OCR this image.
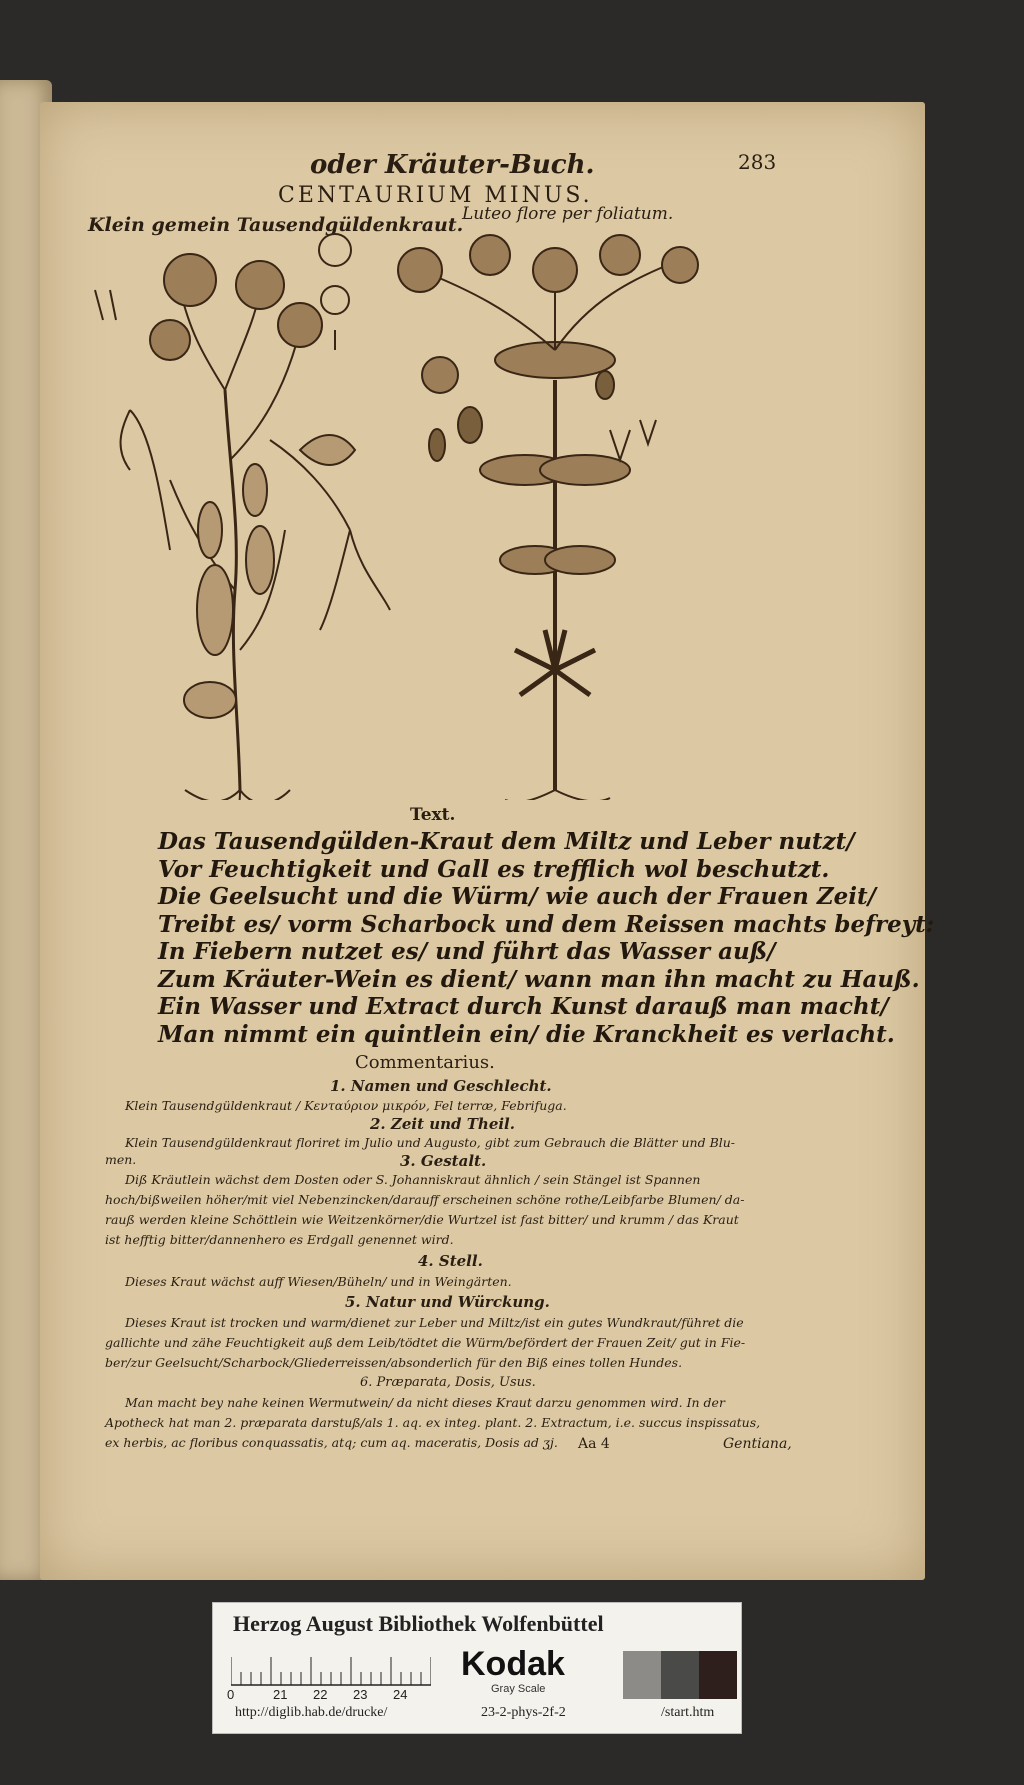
oder Kräuter-Buch.	283
CENTAURIUM MINUS.
Klein gemein Tausendgüldenkraut.
Luteo flore per foliatum.
Text.
Das Tausendgülden-Kraut dem Miltz und Leber nutzt/
Vor Feuchtigkeit und Gall es trefflich wol beschutzt.
Die Geelsucht und die Würm/ wie auch der Frauen Zeit/
Treibt es/ vorm Scharbock und dem Reissen machts befreyt:
In Fiebern nutzet es/ und führt das Wasser auß/
Zum Kräuter-Wein es dient/ wann man ihn macht zu Hauß.
Ein Wasser und Extract durch Kunst darauß man macht/
Man nimmt ein quintlein ein/ die Kranckheit es verlacht.
Commentarius.
1. Namen und Geschlecht.
Klein Tausendgüldenkraut / Κενταύριον μικρόν, Fel terræ, Febrifuga.
2. Zeit und Theil.
Klein Tausendgüldenkraut floriret im Julio und Augusto, gibt zum Gebrauch die Blätter und Blu-
men.	3. Gestalt.
Diß Kräutlein wächst dem Dosten oder S. Johanniskraut ähnlich / sein Stängel ist Spannen
hoch/bißweilen höher/mit viel Nebenzincken/darauff erscheinen schöne rothe/Leibfarbe Blumen/ da-
rauß werden kleine Schöttlein wie Weitzenkörner/die Wurtzel ist fast bitter/ und krumm / das Kraut
ist hefftig bitter/dannenhero es Erdgall genennet wird.
4. Stell.
Dieses Kraut wächst auff Wiesen/Büheln/ und in Weingärten.
5. Natur und Würckung.
Dieses Kraut ist trocken und warm/dienet zur Leber und Miltz/ist ein gutes Wundkraut/führet die
gallichte und zähe Feuchtigkeit auß dem Leib/tödtet die Würm/befördert der Frauen Zeit/ gut in Fie-
ber/zur Geelsucht/Scharbock/Gliederreissen/absonderlich für den Biß eines tollen Hundes.
6. Præparata, Dosis, Usus.
Man macht bey nahe keinen Wermutwein/ da nicht dieses Kraut darzu genommen wird. In der
Apotheck hat man 2. præparata darstuß/als 1. aq. ex integ. plant. 2. Extractum, i.e. succus inspissatus,
ex herbis, ac floribus conquassatis, atq; cum aq. maceratis, Dosis ad ʒj. Aa 4	Gentiana,
Herzog August Bibliothek Wolfenbüttel
0	21 22 23 24
Kodak
Gray Scale
http://diglib.hab.de/drucke/	23-2-phys-2f-2	/start.htm
